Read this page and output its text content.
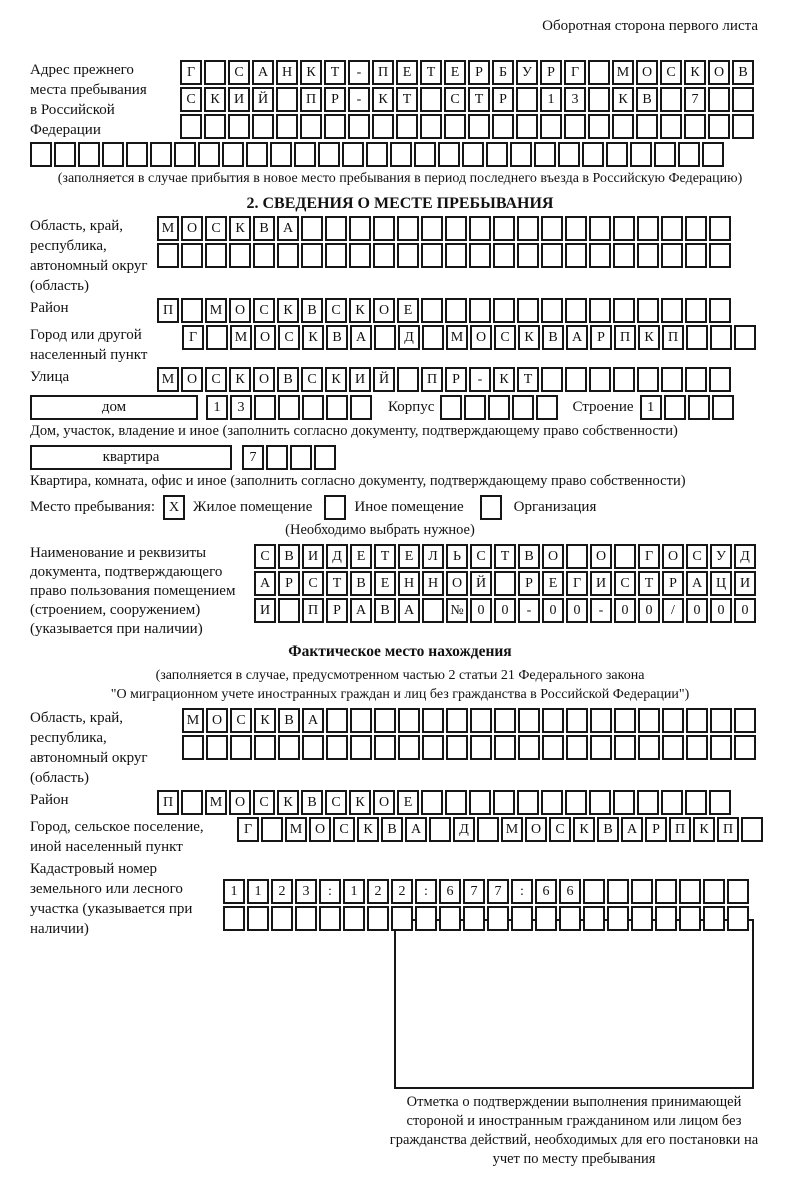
Оборотная сторона первого листа
Адрес прежнего места пребывания в Российской Федерации
Г	С	А Н	К	Т	-	П	Е	Т	Е	Р	Б	У	Р	Г	М О	С	К	О	В
С	К	И Й	П	Р	-	К	Т	С	Т	Р	1	3	К	В	7
(заполняется в случае прибытия в новое место пребывания в период последнего въезда в Российскую Федерацию)
2. СВЕДЕНИЯ О МЕСТЕ ПРЕБЫВАНИЯ
Область, край, республика, автономный округ (область)
М О	С	К	В	А
Район	П	М О	С	К	В	С	К	О	Е
Город или другой населенный пункт
Г	М О	С	К	В	А	Д	М О	С	К	В	А	Р	П	К	П
Улица	М О	С	К	О	В	С	К	И Й	П	Р	-	К	Т
дом	1	3	Корпус	Строение 1
Дом, участок, владение и иное (заполнить согласно документу, подтверждающему право собственности)
квартира	7
Квартира, комната, офис и иное (заполнить согласно документу, подтверждающему право собственности)
Место пребывания: X Жилое помещение	Иное помещение	Организация
(Необходимо выбрать нужное)
Наименование и реквизиты документа, подтверждающего право пользования помещением (строением, сооружением) (указывается при наличии)
С	В	И	Д	Е	Т	Е	Л	Ь	С	Т	В	О	О	Г	О	С	У	Д
А	Р	С	Т	В	Е	Н Н О Й	Р	Е	Г	И	С	Т	Р	А Ц И
И	П	Р	А	В	А	№ 0	0	-	0	0	-	0	0	/	0	0	0
Фактическое место нахождения
(заполняется в случае, предусмотренном частью 2 статьи 21 Федерального закона
"О миграционном учете иностранных граждан и лиц без гражданства в Российской Федерации")
Область, край, республика, автономный округ (область)
М О	С	К	В	А
Район	П	М О	С	К	В	С	К	О	Е
Город, сельское поселение, иной населенный пункт
Г	М О	С	К	В	А	Д	М О	С	К	В	А	Р	П	К	П
Кадастровый номер земельного или лесного участка (указывается при наличии)
1	1	2	3	:	1	2	2	:	6	7	7	:	6	6
Отметка о подтверждении выполнения принимающей стороной и иностранным гражданином или лицом без гражданства действий, необходимых для его постановки на учет по месту пребывания
